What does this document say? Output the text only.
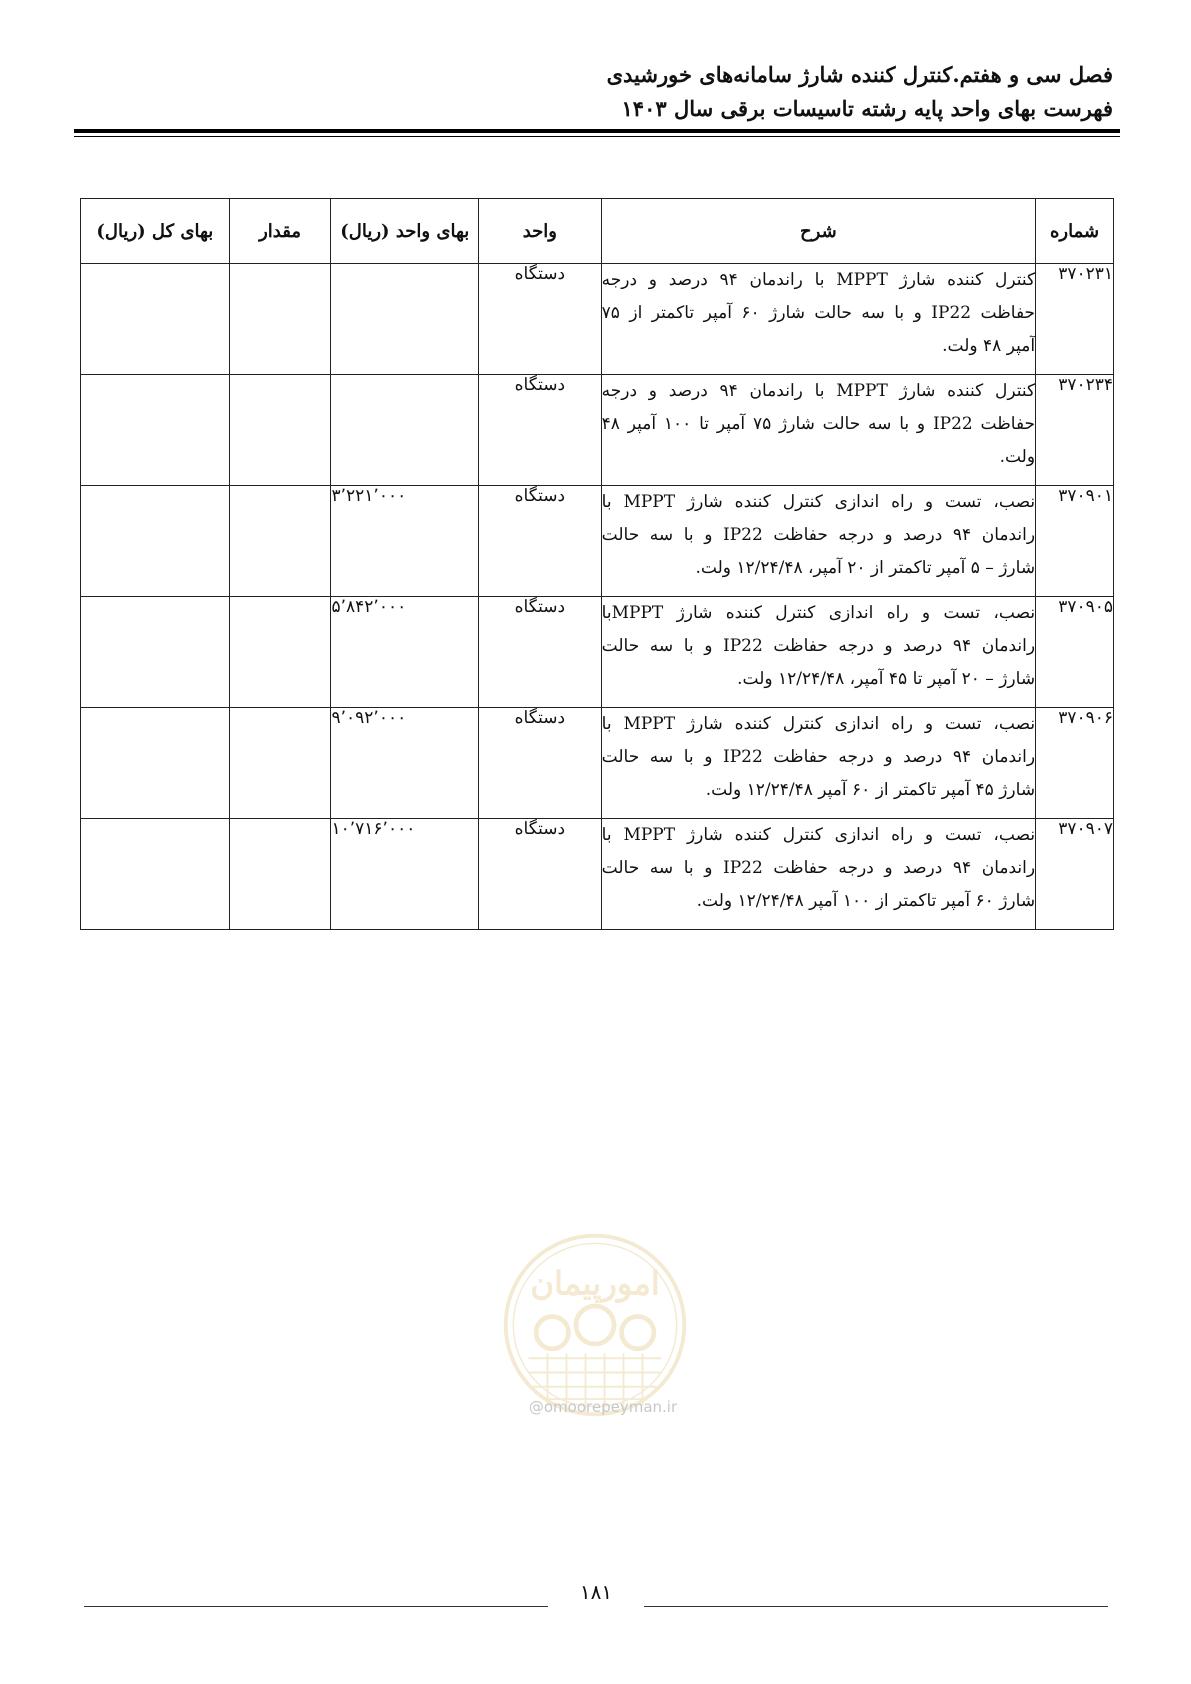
فصل سی و هفتم.کنترل کننده شارژ سامانه‌های خورشیدی
فهرست بهای واحد پایه رشته تاسیسات برقی سال ۱۴۰۳
شماره	شرح	واحد	بهای واحد (ریال)	مقدار	بهای کل (ریال)
۳۷۰۲۳۱	کنترل کننده شارژ MPPT با راندمان ۹۴ درصد و درجه
حفاظت IP22 و با سه حالت شارژ ۶۰ آمپر تاکمتر از ۷۵
آمپر ۴۸ ولت.	دستگاه			
۳۷۰۲۳۴	کنترل کننده شارژ MPPT با راندمان ۹۴ درصد و درجه
حفاظت IP22 و با سه حالت شارژ ۷۵ آمپر تا ۱۰۰ آمپر ۴۸
ولت.	دستگاه			
۳۷۰۹۰۱	نصب، تست و راه اندازی کنترل کننده شارژ MPPT با
راندمان ۹۴ درصد و درجه حفاظت IP22 و با سه حالت
شارژ – ۵ آمپر تاکمتر از ۲۰ آمپر، ۱۲/۲۴/۴۸ ولت.	دستگاه	۳٬۲۲۱٬۰۰۰		
۳۷۰۹۰۵	نصب، تست و راه اندازی کنترل کننده شارژ MPPTبا
راندمان ۹۴ درصد و درجه حفاظت IP22 و با سه حالت
شارژ – ۲۰ آمپر تا ۴۵ آمپر، ۱۲/۲۴/۴۸ ولت.	دستگاه	۵٬۸۴۲٬۰۰۰		
۳۷۰۹۰۶	نصب، تست و راه اندازی کنترل کننده شارژ MPPT با
راندمان ۹۴ درصد و درجه حفاظت IP22 و با سه حالت
شارژ ۴۵ آمپر تاکمتر از ۶۰ آمپر ۱۲/۲۴/۴۸ ولت.	دستگاه	۹٬۰۹۲٬۰۰۰		
۳۷۰۹۰۷	نصب، تست و راه اندازی کنترل کننده شارژ MPPT با
راندمان ۹۴ درصد و درجه حفاظت IP22 و با سه حالت
شارژ ۶۰ آمپر تاکمتر از ۱۰۰ آمپر ۱۲/۲۴/۴۸ ولت.	دستگاه	۱۰٬۷۱۶٬۰۰۰		
امورپیمان
@omoorepeyman.ir
۱۸۱
